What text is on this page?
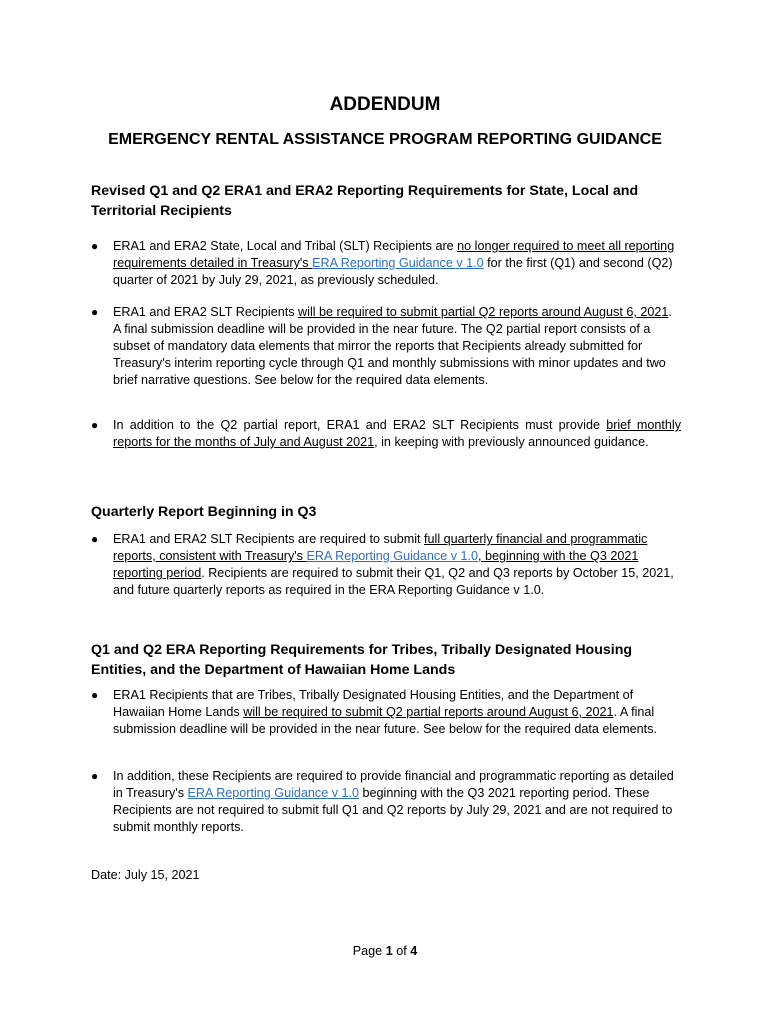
ADDENDUM
EMERGENCY RENTAL ASSISTANCE PROGRAM REPORTING GUIDANCE
Revised Q1 and Q2 ERA1 and ERA2 Reporting Requirements for State, Local and
Territorial Recipients
● ERA1 and ERA2 State, Local and Tribal (SLT) Recipients are no longer required to meet all reporting requirements detailed in Treasury's ERA Reporting Guidance v 1.0 for the first (Q1) and second (Q2) quarter of 2021 by July 29, 2021, as previously scheduled.
● ERA1 and ERA2 SLT Recipients will be required to submit partial Q2 reports around August 6, 2021. A final submission deadline will be provided in the near future. The Q2 partial report consists of a subset of mandatory data elements that mirror the reports that Recipients already submitted for Treasury's interim reporting cycle through Q1 and monthly submissions with minor updates and two brief narrative questions. See below for the required data elements.
● In addition to the Q2 partial report, ERA1 and ERA2 SLT Recipients must provide brief monthly reports for the months of July and August 2021, in keeping with previously announced guidance.
Quarterly Report Beginning in Q3
● ERA1 and ERA2 SLT Recipients are required to submit full quarterly financial and programmatic reports, consistent with Treasury's ERA Reporting Guidance v 1.0, beginning with the Q3 2021 reporting period. Recipients are required to submit their Q1, Q2 and Q3 reports by October 15, 2021, and future quarterly reports as required in the ERA Reporting Guidance v 1.0.
Q1 and Q2 ERA Reporting Requirements for Tribes, Tribally Designated Housing
Entities, and the Department of Hawaiian Home Lands
● ERA1 Recipients that are Tribes, Tribally Designated Housing Entities, and the Department of Hawaiian Home Lands will be required to submit Q2 partial reports around August 6, 2021. A final submission deadline will be provided in the near future. See below for the required data elements.
● In addition, these Recipients are required to provide financial and programmatic reporting as detailed in Treasury's ERA Reporting Guidance v 1.0 beginning with the Q3 2021 reporting period. These Recipients are not required to submit full Q1 and Q2 reports by July 29, 2021 and are not required to submit monthly reports.
Date: July 15, 2021
Page 1 of 4
